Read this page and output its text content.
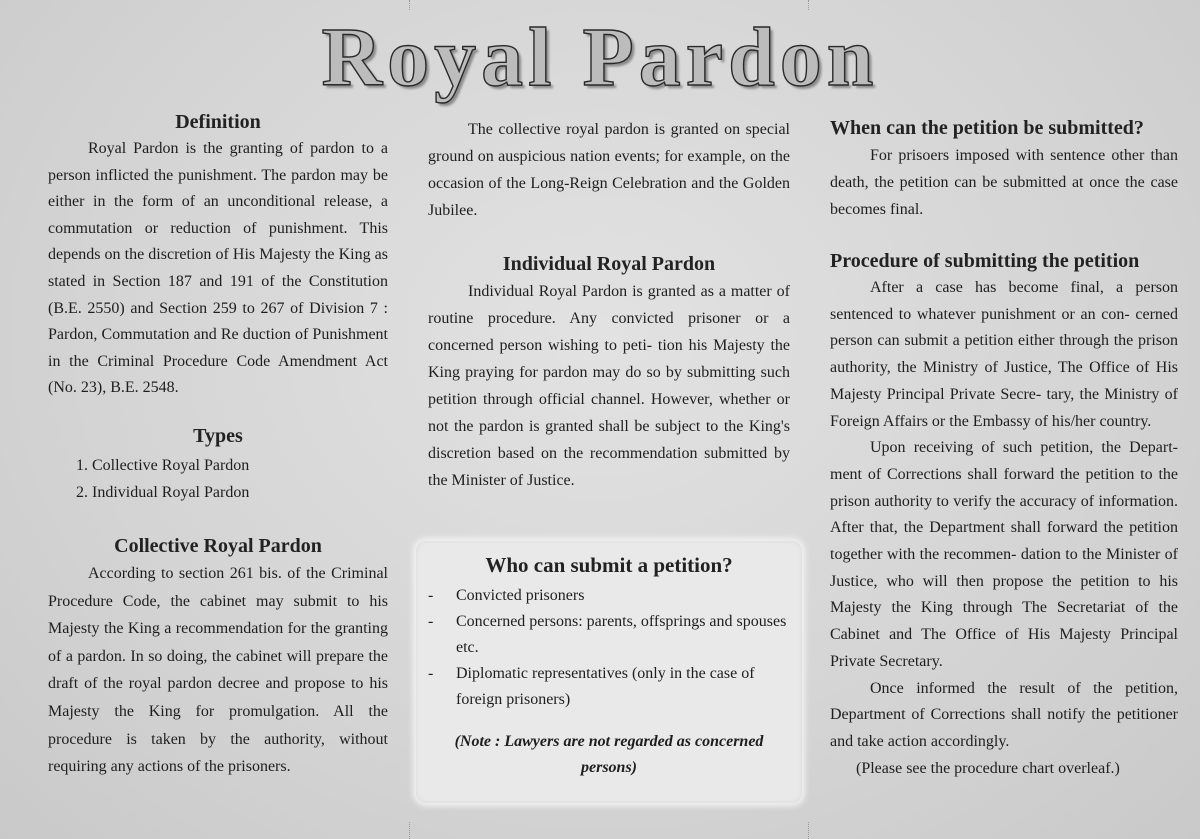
Royal Pardon
Definition

Royal Pardon is the granting of pardon to a person inflicted the punishment. The pardon may be either in the form of an unconditional release, a commutation or reduction of punishment. This depends on the discretion of His Majesty the King as stated in Section 187 and 191 of the Constitution (B.E. 2550) and Section 259 to 267 of Division 7 : Pardon, Commutation and Re duction of Punishment in the Criminal Procedure Code Amendment Act (No. 23), B.E. 2548.

Types
1. Collective Royal Pardon
2. Individual Royal Pardon
Collective Royal Pardon

According to section 261 bis. of the Criminal Procedure Code, the cabinet may submit to his Majesty the King a recommendation for the granting of a pardon. In so doing, the cabinet will prepare the draft of the royal pardon decree and propose to his Majesty the King for promulgation. All the procedure is taken by the authority, without requiring any actions of the prisoners.

The collective royal pardon is granted on special ground on auspicious nation events; for example, on the occasion of the Long-Reign Celebration and the Golden Jubilee.

Individual Royal Pardon

Individual Royal Pardon is granted as a matter of routine procedure. Any convicted prisoner or a concerned person wishing to peti- tion his Majesty the King praying for pardon may do so by submitting such petition through official channel. However, whether or not the pardon is granted shall be subject to the King's discretion based on the recommendation submitted by the Minister of Justice.

Who can submit a petition?
- Convicted prisoners
- Concerned persons: parents, offsprings and spouses etc.
- Diplomatic representatives (only in the case of foreign prisoners)
(Note : Lawyers are not regarded as concerned persons)
When can the petition be submitted?

For prisoers imposed with sentence other than death, the petition can be submitted at once the case becomes final.

Procedure of submitting the petition

After a case has become final, a person sentenced to whatever punishment or an con- cerned person can submit a petition either through the prison authority, the Ministry of Justice, The Office of His Majesty Principal Private Secre- tary, the Ministry of Foreign Affairs or the Embassy of his/her country.

Upon receiving of such petition, the Depart- ment of Corrections shall forward the petition to the prison authority to verify the accuracy of information. After that, the Department shall forward the petition together with the recommen- dation to the Minister of Justice, who will then propose the petition to his Majesty the King through The Secretariat of the Cabinet and The Office of His Majesty Principal Private Secretary.

Once informed the result of the petition, Department of Corrections shall notify the petitioner and take action accordingly.

(Please see the procedure chart overleaf.)
